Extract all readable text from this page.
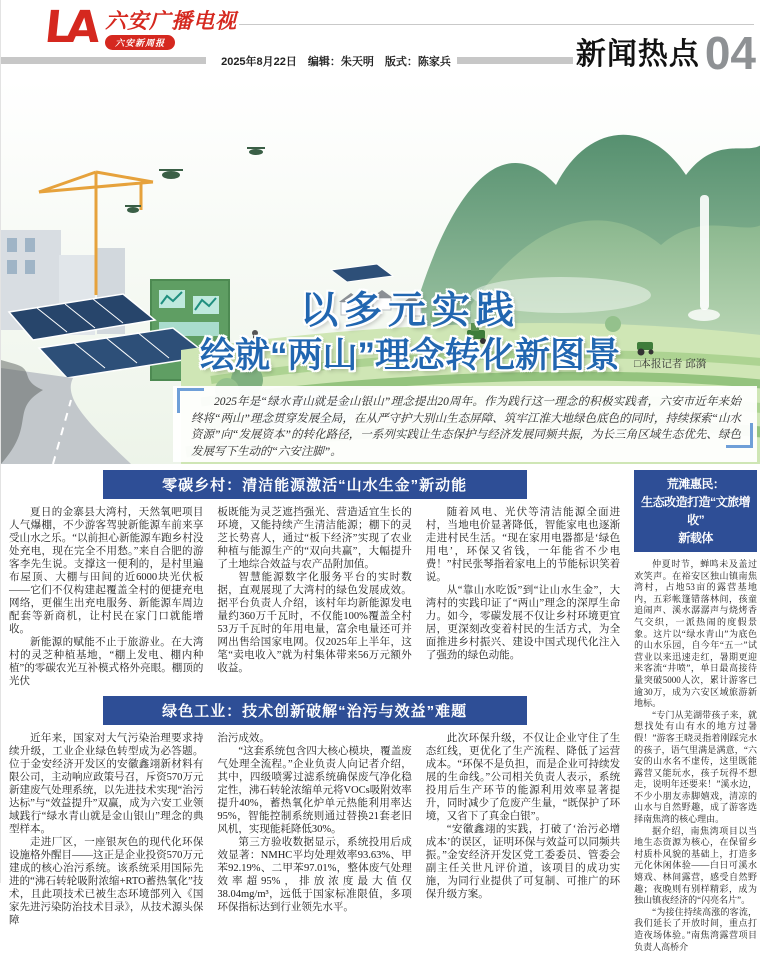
LA 六安广播电视
六安新周报
2025年8月22日　编辑：朱天明　版式：陈家兵	新闻热点 04
以多元实践
绘就“两山”理念转化新图景	□本报记者 邱漪

2025年是“绿水青山就是金山银山”理念提出20周年。作为践行这一理念的积极实践者，六安市近年来始终将“两山”理念贯穿发展全局，在从严守护大别山生态屏障、筑牢江淮大地绿色底色的同时，持续探索“山水资源”向“发展资本”的转化路径，一系列实践让生态保护与经济发展同频共振，为长三角区域生态优先、绿色发展写下生动的“六安注脚”。

零碳乡村：清洁能源激活“山水生金”新动能

夏日的金寨县大湾村，天然氧吧项目人气爆棚，不少游客驾驶新能源车前来享受山水之乐。“以前担心新能源车跑乡村没处充电，现在完全不用愁。”来自合肥的游客李先生说。支撑这一便利的，是村里遍布屋顶、大棚与田间的近6000块光伏板——它们不仅构建起覆盖全村的便捷充电网络，更催生出充电服务、新能源车周边配套等新商机，让村民在家门口就能增收。

新能源的赋能不止于旅游业。在大湾村的灵芝种植基地，“棚上发电、棚内种植”的零碳农光互补模式格外亮眼。棚顶的光伏

板既能为灵芝遮挡强光、营造适宜生长的环境，又能持续产生清洁能源；棚下的灵芝长势喜人，通过“板下经济”实现了农业种植与能源生产的“双向共赢”，大幅提升了土地综合效益与农产品附加值。

智慧能源数字化服务平台的实时数据，直观展现了大湾村的绿色发展成效。据平台负责人介绍，该村年均新能源发电量约360万千瓦时，不仅能100%覆盖全村53万千瓦时的年用电量，富余电量还可并网出售给国家电网。仅2025年上半年，这笔“卖电收入”就为村集体带来56万元额外收益。

随着风电、光伏等清洁能源全面进村，当地电价显著降低，智能家电也逐渐走进村民生活。“现在家用电器都是‘绿色用电’，环保又省钱，一年能省不少电费！”村民张琴指着家电上的节能标识笑着说。

从“靠山水吃饭”到“让山水生金”，大湾村的实践印证了“两山”理念的深厚生命力。如今，零碳发展不仅让乡村环境更宜居，更深刻改变着村民的生活方式，为全面推进乡村振兴、建设中国式现代化注入了强劲的绿色动能。

绿色工业：技术创新破解“治污与效益”难题

近年来，国家对大气污染治理要求持续升级，工业企业绿色转型成为必答题。位于金安经济开发区的安徽鑫翊新材料有限公司，主动响应政策号召，斥资570万元新建废气处理系统，以先进技术实现“治污达标”与“效益提升”双赢，成为六安工业领域践行“绿水青山就是金山银山”理念的典型样本。

走进厂区，一座银灰色的现代化环保设施格外醒目——这正是企业投资570万元建成的核心治污系统。该系统采用国际先进的“沸石转轮吸附浓缩+RTO蓄热氧化”技术，且此项技术已被生态环境部列入《国家先进污染防治技术目录》，从技术源头保障

治污成效。

“这套系统包含四大核心模块，覆盖废气处理全流程。”企业负责人向记者介绍，其中，四级喷雾过滤系统确保废气净化稳定性，沸石转轮浓缩单元将VOCs吸附效率提升40%，蓄热氧化炉单元热能利用率达95%，智能控制系统则通过替换21套老旧风机，实现能耗降低30%。

第三方验收数据显示，系统投用后成效显著：NMHC平均处理效率93.63%、甲苯92.19%、二甲苯97.01%，整体废气处理效率超95%，排放浓度最大值仅38.04mg/m³，远低于国家标准限值，多项环保指标达到行业领先水平。

此次环保升级，不仅让企业守住了生态红线，更优化了生产流程、降低了运营成本。“环保不是负担，而是企业可持续发展的生命线。”公司相关负责人表示，系统投用后生产环节的能源利用效率显著提升，同时减少了危废产生量，“既保护了环境，又省下了真金白银”。

“安徽鑫翊的实践，打破了‘治污必增成本’的误区，证明环保与效益可以同频共振。”金安经济开发区党工委委员、管委会副主任关世凡评价道，该项目的成功实施，为同行业提供了可复制、可推广的环保升级方案。

荒滩惠民：
生态改造打造“文旅增收”
新载体

仲夏时节，蝉鸣未及盖过欢笑声。在裕安区独山镇南焦湾村，占地53亩的露营基地内，五彩帐篷错落林间，孩童追闹声、溪水潺潺声与烧烤香气交织，一派热闹的度假景象。这片以“绿水青山”为底色的山水乐园，自今年“五一”试营业以来迅速走红，暑期更迎来客流“井喷”，单日最高接待量突破5000人次，累计游客已逾30万，成为六安区域旅游新地标。

“专门从芜湖带孩子来，就想找处有山有水的地方过暑假！”游客王晓灵指着刚踩完水的孩子，语气里满是满意，“六安的山水名不虚传，这里既能露营又能玩水，孩子玩得不想走，说明年还要来！”溪水边，不少小朋友赤脚嬉戏，清凉的山水与自然野趣，成了游客选择南焦湾的核心理由。

据介绍，南焦湾项目以当地生态资源为核心，在保留乡村质朴风貌的基础上，打造多元化休闲体验——白日可溪水嬉戏、林间露营，感受自然野趣；夜晚则有别样精彩，成为独山镇夜经济的“闪亮名片”。

“为接住持续高涨的客流，我们延长了开放时间，重点打造夜场体验。”南焦湾露营项目负责人高桥介
